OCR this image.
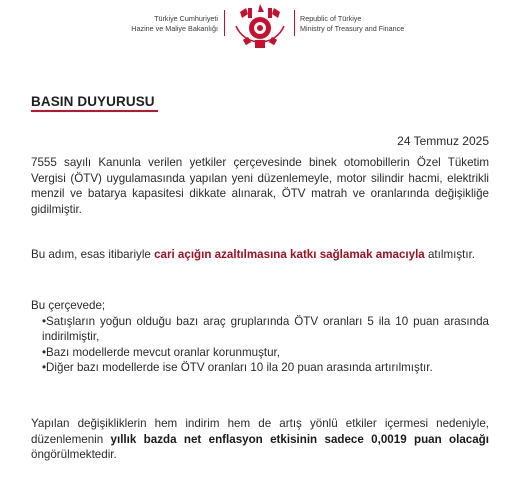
Türkiye Cumhuriyeti
Hazine ve Maliye Bakanlığı
Republic of Türkiye
Ministry of Treasury and Finance
BASIN DUYURUSU
24 Temmuz 2025
7555 sayılı Kanunla verilen yetkiler çerçevesinde binek otomobillerin Özel Tüketim Vergisi (ÖTV) uygulamasında yapılan yeni düzenlemeyle, motor silindir hacmi, elektrikli menzil ve batarya kapasitesi dikkate alınarak, ÖTV matrah ve oranlarında değişikliğe gidilmiştir.
Bu adım, esas itibariyle cari açığın azaltılmasına katkı sağlamak amacıyla atılmıştır.
Bu çerçevede;
•Satışların yoğun olduğu bazı araç gruplarında ÖTV oranları 5 ila 10 puan arasında indirilmiştir,
•Bazı modellerde mevcut oranlar korunmuştur,
•Diğer bazı modellerde ise ÖTV oranları 10 ila 20 puan arasında artırılmıştır.
Yapılan değişikliklerin hem indirim hem de artış yönlü etkiler içermesi nedeniyle, düzenlemenin yıllık bazda net enflasyon etkisinin sadece 0,0019 puan olacağı öngörülmektedir.
